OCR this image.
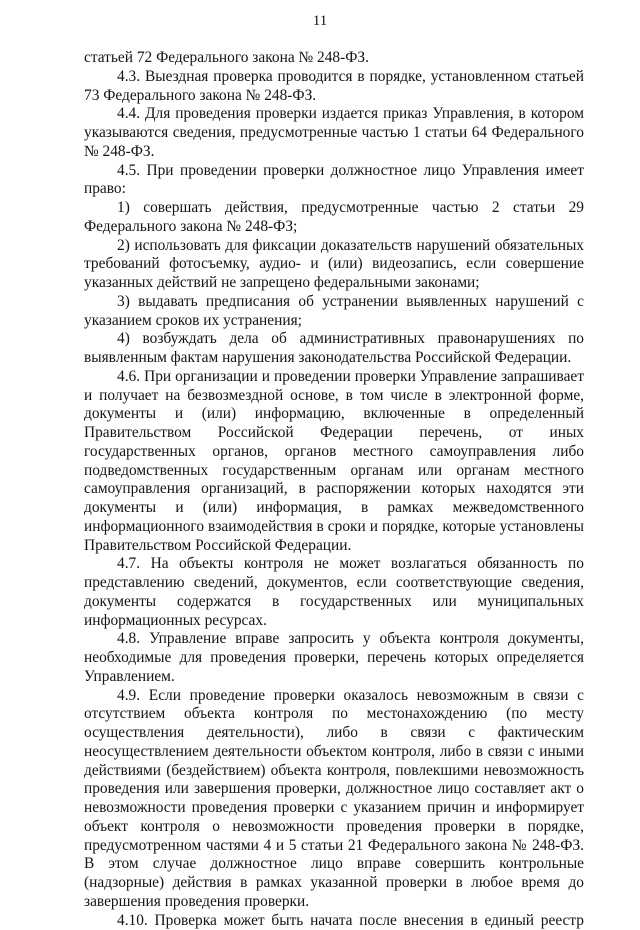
11

статьей 72 Федерального закона № 248-ФЗ.

4.3. Выездная проверка проводится в порядке, установленном статьей 73 Федерального закона № 248-ФЗ.

4.4. Для проведения проверки издается приказ Управления, в котором указываются сведения, предусмотренные частью 1 статьи 64 Федерального № 248-ФЗ.

4.5. При проведении проверки должностное лицо Управления имеет право:

1) совершать действия, предусмотренные частью 2 статьи 29 Федерального закона № 248-ФЗ;

2) использовать для фиксации доказательств нарушений обязательных требований фотосъемку, аудио- и (или) видеозапись, если совершение указанных действий не запрещено федеральными законами;

3) выдавать предписания об устранении выявленных нарушений с указанием сроков их устранения;

4) возбуждать дела об административных правонарушениях по выявленным фактам нарушения законодательства Российской Федерации.

4.6. При организации и проведении проверки Управление запрашивает и получает на безвозмездной основе, в том числе в электронной форме, документы и (или) информацию, включенные в определенный Правительством Российской Федерации перечень, от иных государственных органов, органов местного самоуправления либо подведомственных государственным органам или органам местного самоуправления организаций, в распоряжении которых находятся эти документы и (или) информация, в рамках межведомственного информационного взаимодействия в сроки и порядке, которые установлены Правительством Российской Федерации.

4.7. На объекты контроля не может возлагаться обязанность по представлению сведений, документов, если соответствующие сведения, документы содержатся в государственных или муниципальных информационных ресурсах.

4.8. Управление вправе запросить у объекта контроля документы, необходимые для проведения проверки, перечень которых определяется Управлением.

4.9. Если проведение проверки оказалось невозможным в связи с отсутствием объекта контроля по местонахождению (по месту осуществления деятельности), либо в связи с фактическим неосуществлением деятельности объектом контроля, либо в связи с иными действиями (бездействием) объекта контроля, повлекшими невозможность проведения или завершения проверки, должностное лицо составляет акт о невозможности проведения проверки с указанием причин и информирует объект контроля о невозможности проведения проверки в порядке, предусмотренном частями 4 и 5 статьи 21 Федерального закона № 248-ФЗ. В этом случае должностное лицо вправе совершить контрольные (надзорные) действия в рамках указанной проверки в любое время до завершения проведения проверки.

4.10. Проверка может быть начата после внесения в единый реестр
